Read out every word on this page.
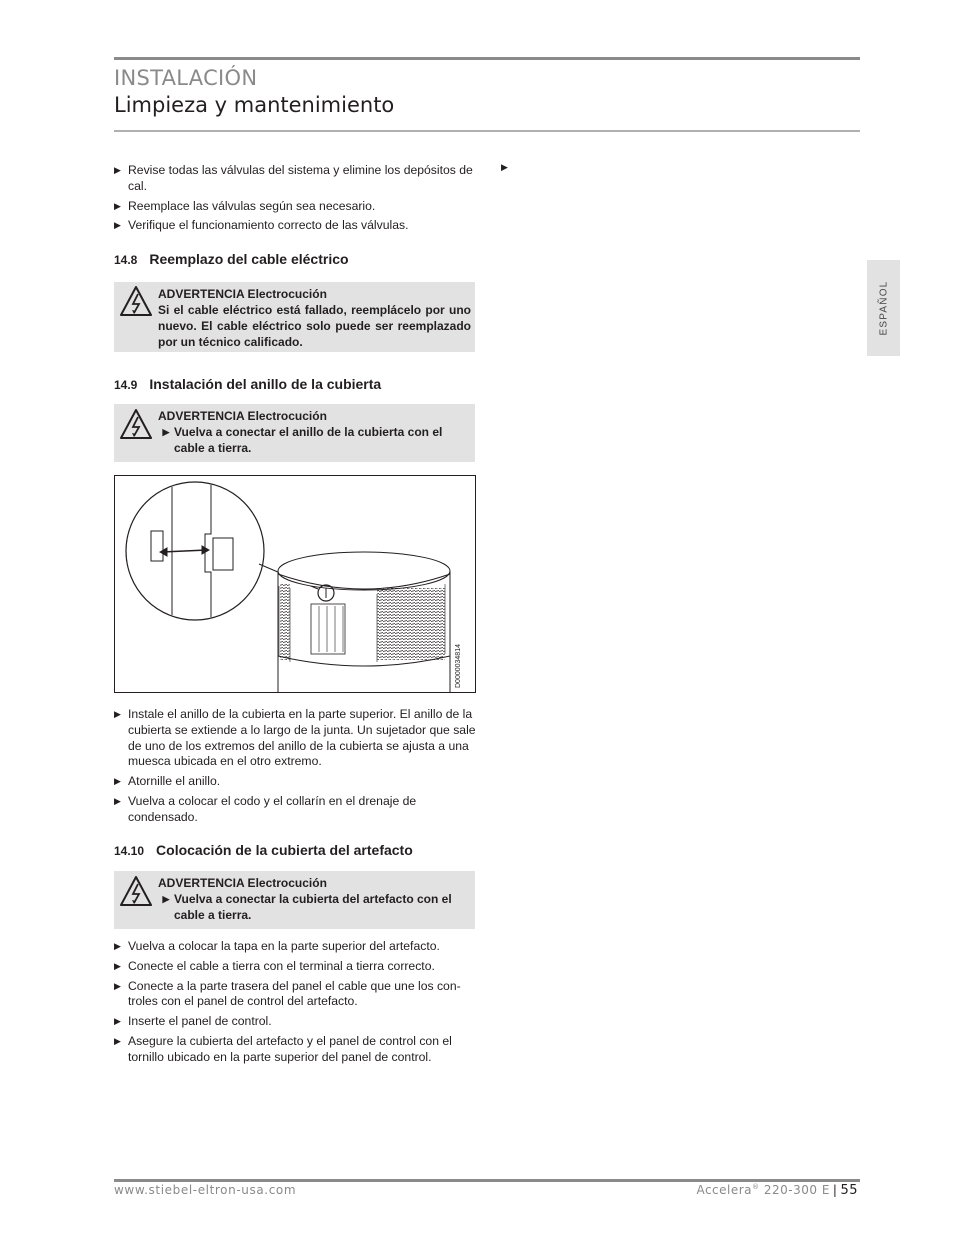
INSTALACIÓN
Limpieza y mantenimiento
ESPAÑOL
▶
▶ Revise todas las válvulas del sistema y elimine los depósitos de cal.
▶ Reemplace las válvulas según sea necesario.
▶ Verifique el funcionamiento correcto de las válvulas.
14.8 Reemplazo del cable eléctrico
ADVERTENCIA Electrocución
Si el cable eléctrico está fallado, reemplácelo por uno nuevo. El cable eléctrico solo puede ser reemplazado por un técnico calificado.
14.9 Instalación del anillo de la cubierta
ADVERTENCIA Electrocución
▶ Vuelva a conectar el anillo de la cubierta con el cable a tierra.
D0000034814
▶ Instale el anillo de la cubierta en la parte superior. El anillo de la cubierta se extiende a lo largo de la junta. Un sujetador que sale de uno de los extremos del anillo de la cubierta se ajusta a una muesca ubicada en el otro extremo.
▶ Atornille el anillo.
▶ Vuelva a colocar el codo y el collarín en el drenaje de condensado.
14.10 Colocación de la cubierta del artefacto
ADVERTENCIA Electrocución
▶ Vuelva a conectar la cubierta del artefacto con el cable a tierra.
▶ Vuelva a colocar la tapa en la parte superior del artefacto.
▶ Conecte el cable a tierra con el terminal a tierra correcto.
▶ Conecte a la parte trasera del panel el cable que une los con-troles con el panel de control del artefacto.
▶ Inserte el panel de control.
▶ Asegure la cubierta del artefacto y el panel de control con el tornillo ubicado en la parte superior del panel de control.
www.stiebel-eltron-usa.com	Accelera® 220-300 E | 55
